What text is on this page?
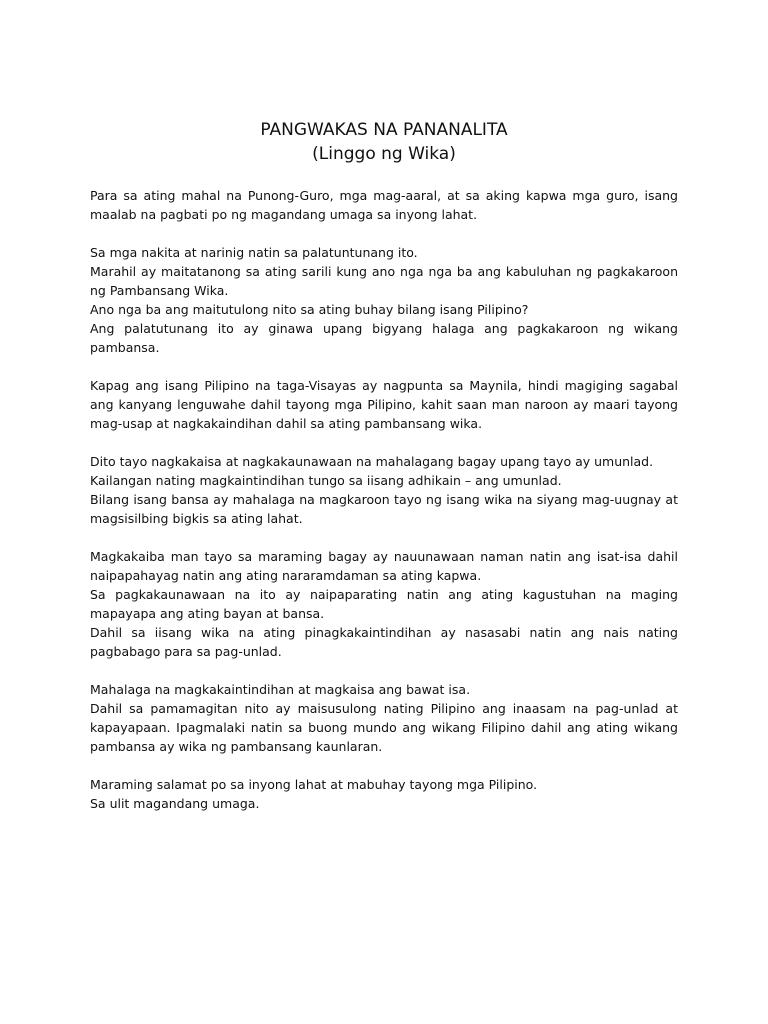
PANGWAKAS NA PANANALITA
(Linggo ng Wika)
Para sa ating mahal na Punong-Guro, mga mag-aaral, at sa aking kapwa mga guro, isang maalab na pagbati po ng magandang umaga sa inyong lahat.
Sa mga nakita at narinig natin sa palatuntunang ito.
Marahil ay maitatanong sa ating sarili kung ano nga nga ba ang kabuluhan ng pagkakaroon ng Pambansang Wika.
Ano nga ba ang maitutulong nito sa ating buhay bilang isang Pilipino?
Ang palatutunang ito ay ginawa upang bigyang halaga ang pagkakaroon ng wikang pambansa.
Kapag ang isang Pilipino na taga-Visayas ay nagpunta sa Maynila, hindi magiging sagabal ang kanyang lenguwahe dahil tayong mga Pilipino, kahit saan man naroon ay maari tayong mag-usap at nagkakaindihan dahil sa ating pambansang wika.
Dito tayo nagkakaisa at nagkakaunawaan na mahalagang bagay upang tayo ay umunlad.
Kailangan nating magkaintindihan tungo sa iisang adhikain – ang umunlad.
Bilang isang bansa ay mahalaga na magkaroon tayo ng isang wika na siyang mag-uugnay at magsisilbing bigkis sa ating lahat.
Magkakaiba man tayo sa maraming bagay ay nauunawaan naman natin ang isat-isa dahil naipapahayag natin ang ating nararamdaman sa ating kapwa.
Sa pagkakaunawaan na ito ay naipaparating natin ang ating kagustuhan na maging mapayapa ang ating bayan at bansa.
Dahil sa iisang wika na ating pinagkakaintindihan ay nasasabi natin ang nais nating pagbabago para sa pag-unlad.
Mahalaga na magkakaintindihan at magkaisa ang bawat isa.
Dahil sa pamamagitan nito ay maisusulong nating Pilipino ang inaasam na pag-unlad at kapayapaan. Ipagmalaki natin sa buong mundo ang wikang Filipino dahil ang ating wikang pambansa ay wika ng pambansang kaunlaran.
Maraming salamat po sa inyong lahat at mabuhay tayong mga Pilipino.
Sa ulit magandang umaga.
